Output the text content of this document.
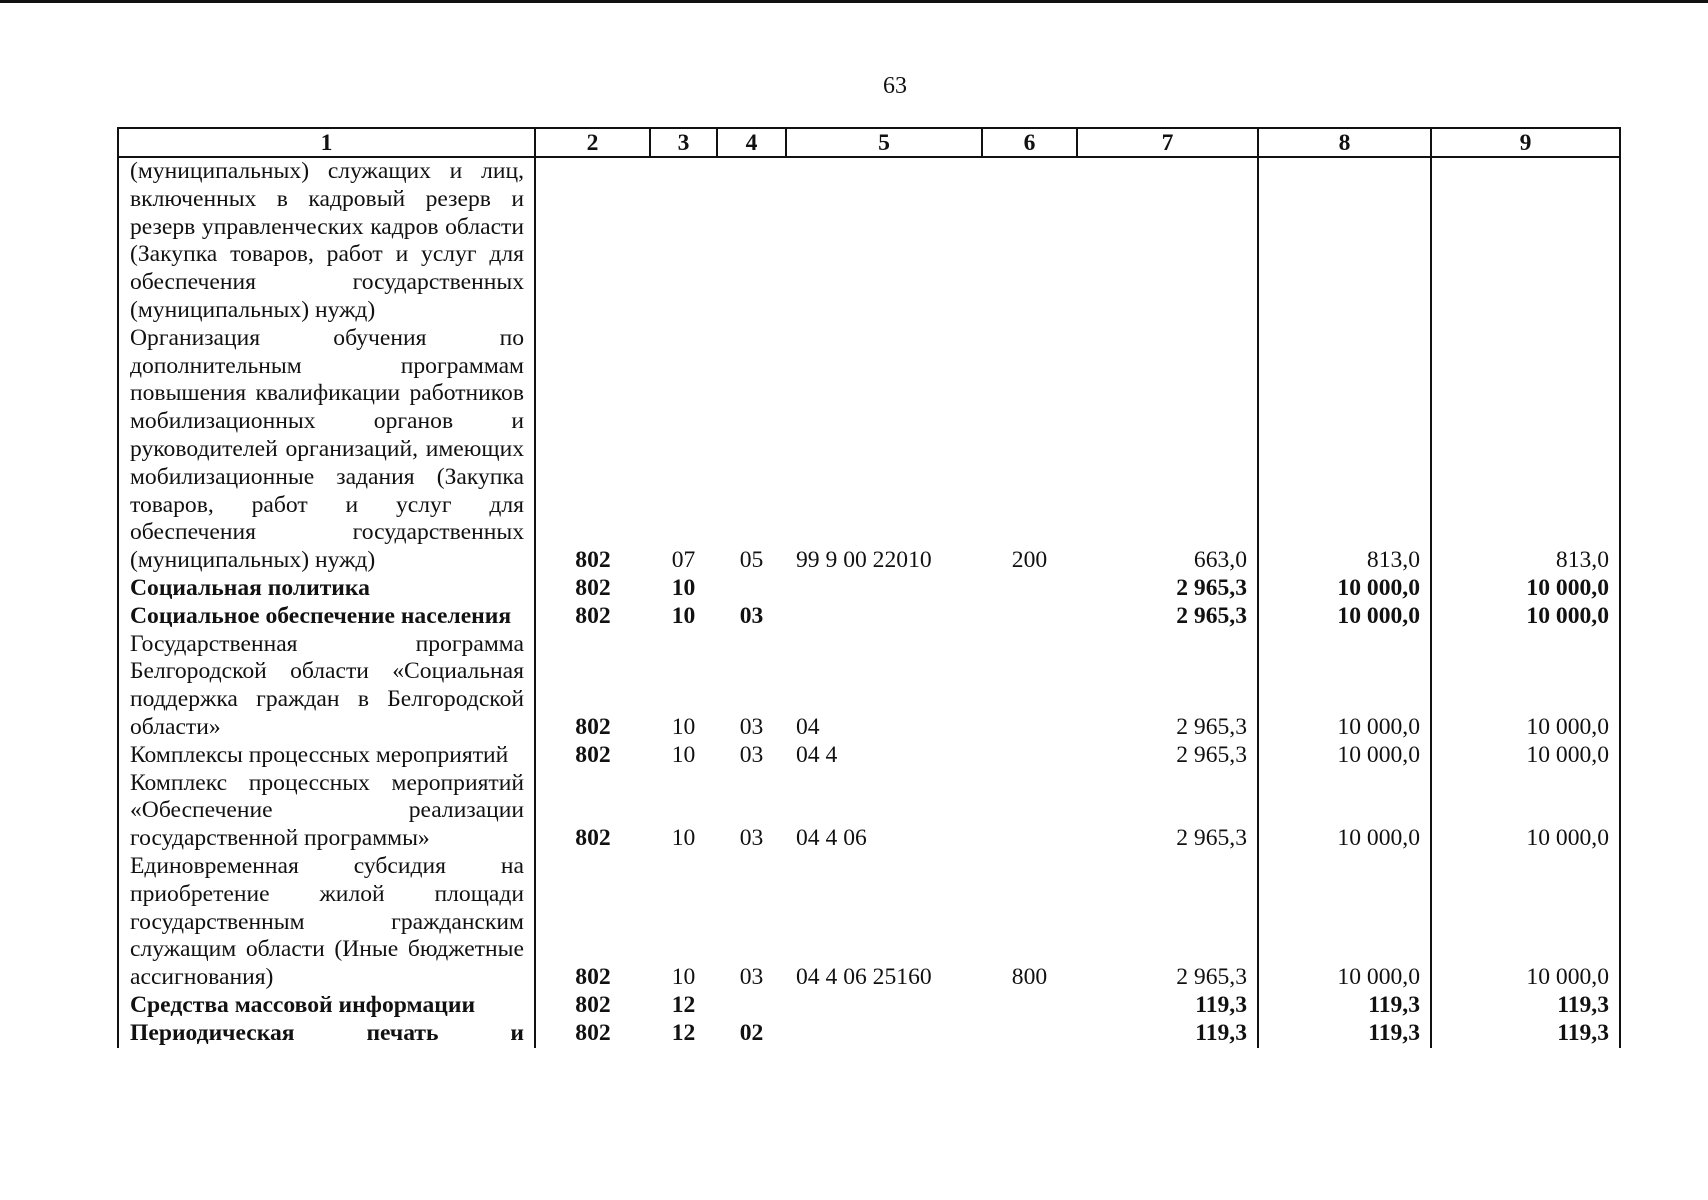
63
1	2	3	4	5	6	7	8	9
(муниципальных) служащих и лиц, включенных в кадровый резерв и резерв управленческих кадров области (Закупка товаров, работ и услуг для обеспечения государственных (муниципальных) нужд)								
Организация обучения по дополнительным программам повышения квалификации работников мобилизационных органов и руководителей организаций, имеющих мобилизационные задания (Закупка товаров, работ и услуг для обеспечения государственных (муниципальных) нужд)	802	07	05	99 9 00 22010	200	663,0	813,0	813,0
Социальная политика	802	10				2 965,3	10 000,0	10 000,0
Социальное обеспечение населения	802	10	03			2 965,3	10 000,0	10 000,0
Государственная программа Белгородской области «Социальная поддержка граждан в Белгородской области»	802	10	03	04		2 965,3	10 000,0	10 000,0
Комплексы процессных мероприятий	802	10	03	04 4		2 965,3	10 000,0	10 000,0
Комплекс процессных мероприятий «Обеспечение реализации государственной программы»	802	10	03	04 4 06		2 965,3	10 000,0	10 000,0
Единовременная субсидия на приобретение жилой площади государственным гражданским служащим области (Иные бюджетные ассигнования)	802	10	03	04 4 06 25160	800	2 965,3	10 000,0	10 000,0
Средства массовой информации	802	12				119,3	119,3	119,3
Периодическая печать и	802	12	02			119,3	119,3	119,3
